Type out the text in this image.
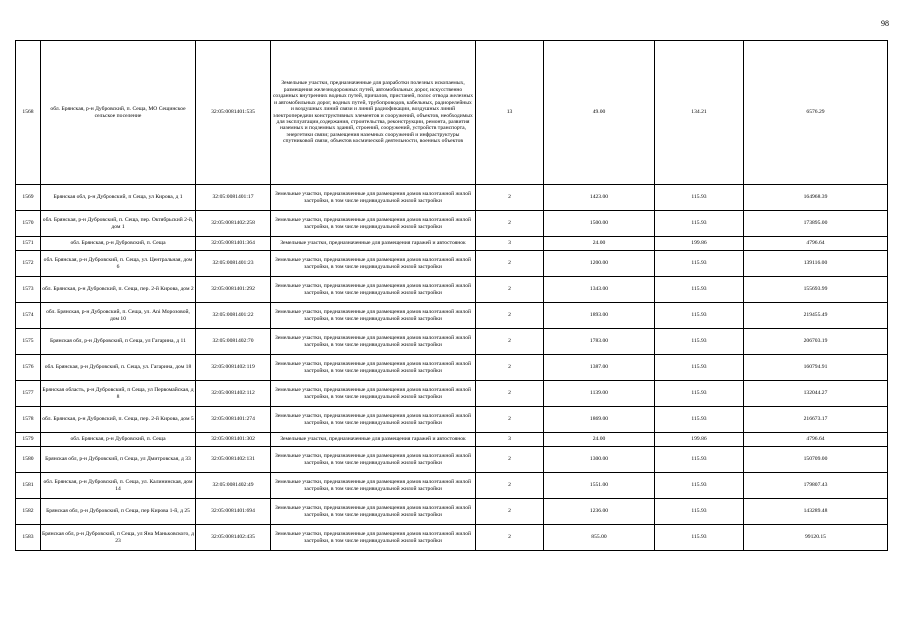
98
1568	обл. Брянская, р-н Дубровский, п. Сеща, МО Сещинское сельское поселение	32:05:0081401:535	Земельные участки, предназначенные для разработки полезных ископаемых, размещения железнодорожных путей, автомобильных дорог, искусственно созданных внутренних водных путей, причалов, пристаней, полос отвода железных и автомобильных дорог, водных путей, трубопроводов, кабельных, радиорелейных и воздушных линий связи и линий радиофикации, воздушных линий электропередачи конструктивных элементов и сооружений, объектов, необходимых для эксплуатации,содержания, строительства, реконструкции, ремонта, развития наземных и подземных зданий, строений, сооружений, устройств транспорта, энергетики связи; размещения наземных сооружений и инфраструктуры спутниковой связи, объектов космической деятельности, военных объектов	13	49.00	134.21	6576.29
1569	Брянская обл, р-н Дубровский, п Сеща, ул Кирова, д 1	32:05:0081401:17	Земельные участки, предназначенные для размещения домов малоэтажной жилой застройки, в том числе индивидуальной жилой застройки	2	1423.00	115.93	164968.39
1570	обл. Брянская, р-н Дубровский, п. Сеща, пер. Октябрьский 2-й, дом 1	32:05:0081402:258	Земельные участки, предназначенные для размещения домов малоэтажной жилой застройки, в том числе индивидуальной жилой застройки	2	1500.00	115.93	173895.00
1571	обл. Брянская, р-н Дубровский, п. Сеща	32:05:0081401:364	Земельные участки, предназначенные для размещения гаражей и автостоянок	3	24.00	199.86	4796.64
1572	обл. Брянская, р-н Дубровский, п. Сеща, ул. Центральная, дом 6	32:05:0081401:23	Земельные участки, предназначенные для размещения домов малоэтажной жилой застройки, в том числе индивидуальной жилой застройки	2	1200.00	115.93	139116.00
1573	обл. Брянская, р-н Дубровский, п. Сеща, пер. 2-й Кирова, дом 2	32:05:0081401:292	Земельные участки, предназначенные для размещения домов малоэтажной жилой застройки, в том числе индивидуальной жилой застройки	2	1343.00	115.93	155693.99
1574	обл. Брянская, р-н Дубровский, п. Сеща, ул. Ani Морозовой, дом 10	32:05:0081401:22	Земельные участки, предназначенные для размещения домов малоэтажной жилой застройки, в том числе индивидуальной жилой застройки	2	1893.00	115.93	219455.49
1575	Брянская обл, р-н Дубровский, п Сеща, ул Гагарина, д 11	32:05:0081402:70	Земельные участки, предназначенные для размещения домов малоэтажной жилой застройки, в том числе индивидуальной жилой застройки	2	1783.00	115.93	206703.19
1576	обл. Брянская, р-н Дубровский, п. Сеща, ул. Гагарина, дом 18	32:05:0081402:119	Земельные участки, предназначенные для размещения домов малоэтажной жилой застройки, в том числе индивидуальной жилой застройки	2	1387.00	115.93	160794.91
1577	Брянская область, р-н Дубровский, п Сеща, ул Первомайская, д 8	32:05:0081402:112	Земельные участки, предназначенные для размещения домов малоэтажной жилой застройки, в том числе индивидуальной жилой застройки	2	1139.00	115.93	132044.27
1578	обл. Брянская, р-н Дубровский, п. Сеща, пер. 2-й Кирова, дом 5	32:05:0081401:274	Земельные участки, предназначенные для размещения домов малоэтажной жилой застройки, в том числе индивидуальной жилой застройки	2	1869.00	115.93	216673.17
1579	обл. Брянская, р-н Дубровский, п. Сеща	32:05:0081401:302	Земельные участки, предназначенные для размещения гаражей и автостоянок	3	24.00	199.86	4796.64
1580	Брянская обл, р-н Дубровский, п Сеща, ул Дмитровская, д 33	32:05:0081402:131	Земельные участки, предназначенные для размещения домов малоэтажной жилой застройки, в том числе индивидуальной жилой застройки	2	1300.00	115.93	150709.00
1581	обл. Брянская, р-н Дубровский, п. Сеща, ул. Калининская, дом 14	32:05:0081402:49	Земельные участки, предназначенные для размещения домов малоэтажной жилой застройки, в том числе индивидуальной жилой застройки	2	1551.00	115.93	179807.43
1582	Брянская обл, р-н Дубровский, п Сеща, пер Кирова 1-й, д 25	32:05:0081401:694	Земельные участки, предназначенные для размещения домов малоэтажной жилой застройки, в том числе индивидуальной жилой застройки	2	1236.00	115.93	143289.48
1583	Брянская обл, р-н Дубровский, п Сеща, ул Янa Манькoвского, д 23	32:05:0081402:435	Земельные участки, предназначенные для размещения домов малоэтажной жилой застройки, в том числе индивидуальной жилой застройки	2	855.00	115.93	99120.15
